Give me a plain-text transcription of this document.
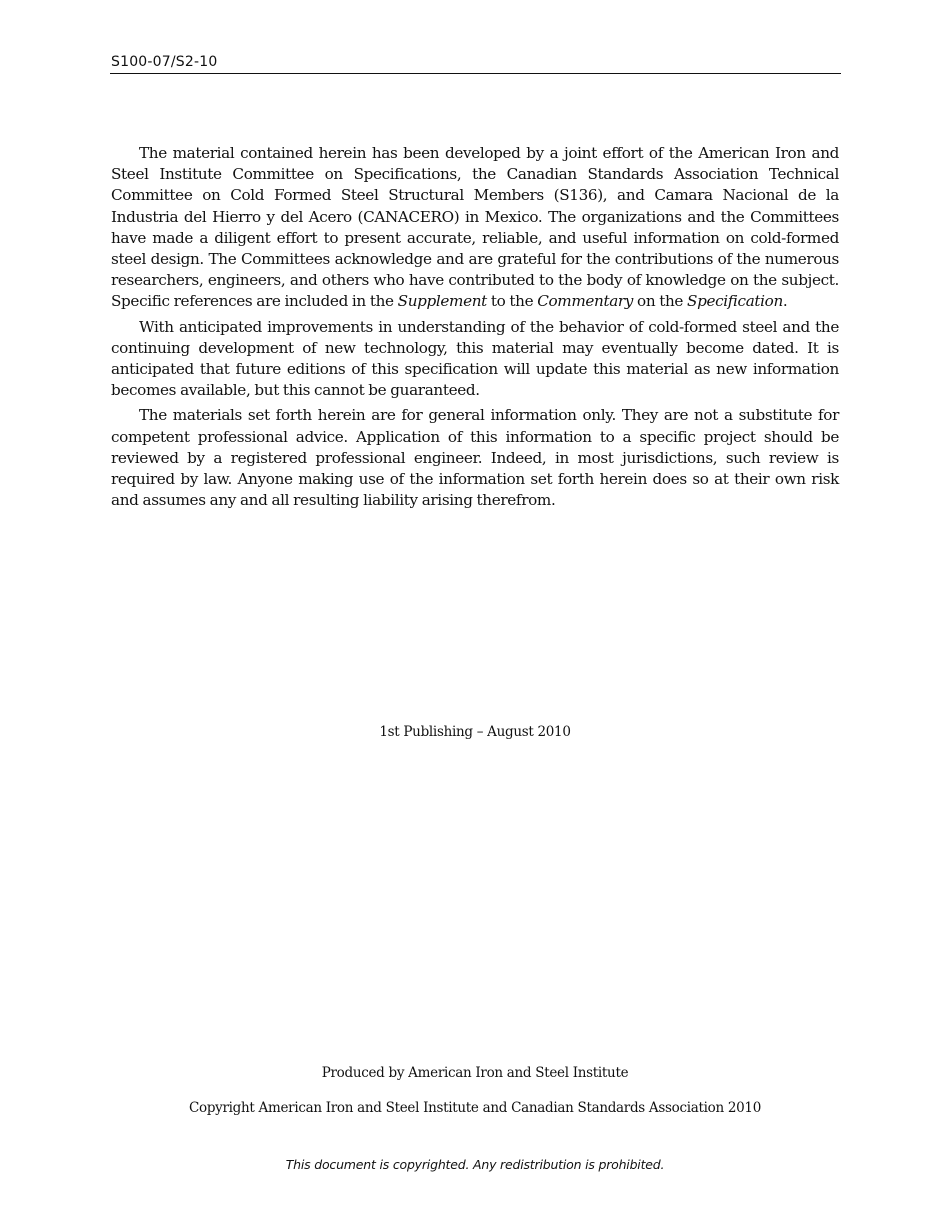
S100-07/S2-10

The material contained herein has been developed by a joint effort of the American Iron and Steel Institute Committee on Specifications, the Canadian Standards Association Technical Committee on Cold Formed Steel Structural Members (S136), and Camara Nacional de la Industria del Hierro y del Acero (CANACERO) in Mexico. The organizations and the Committees have made a diligent effort to present accurate, reliable, and useful information on cold-formed steel design. The Committees acknowledge and are grateful for the contributions of the numerous researchers, engineers, and others who have contributed to the body of knowledge on the subject. Specific references are included in the Supplement to the Commentary on the Specification.

With anticipated improvements in understanding of the behavior of cold-formed steel and the continuing development of new technology, this material may eventually become dated. It is anticipated that future editions of this specification will update this material as new information becomes available, but this cannot be guaranteed.

The materials set forth herein are for general information only. They are not a substitute for competent professional advice. Application of this information to a specific project should be reviewed by a registered professional engineer. Indeed, in most jurisdictions, such review is required by law. Anyone making use of the information set forth herein does so at their own risk and assumes any and all resulting liability arising therefrom.

1st Publishing – August 2010
Produced by American Iron and Steel Institute
Copyright American Iron and Steel Institute and Canadian Standards Association 2010
This document is copyrighted. Any redistribution is prohibited.
